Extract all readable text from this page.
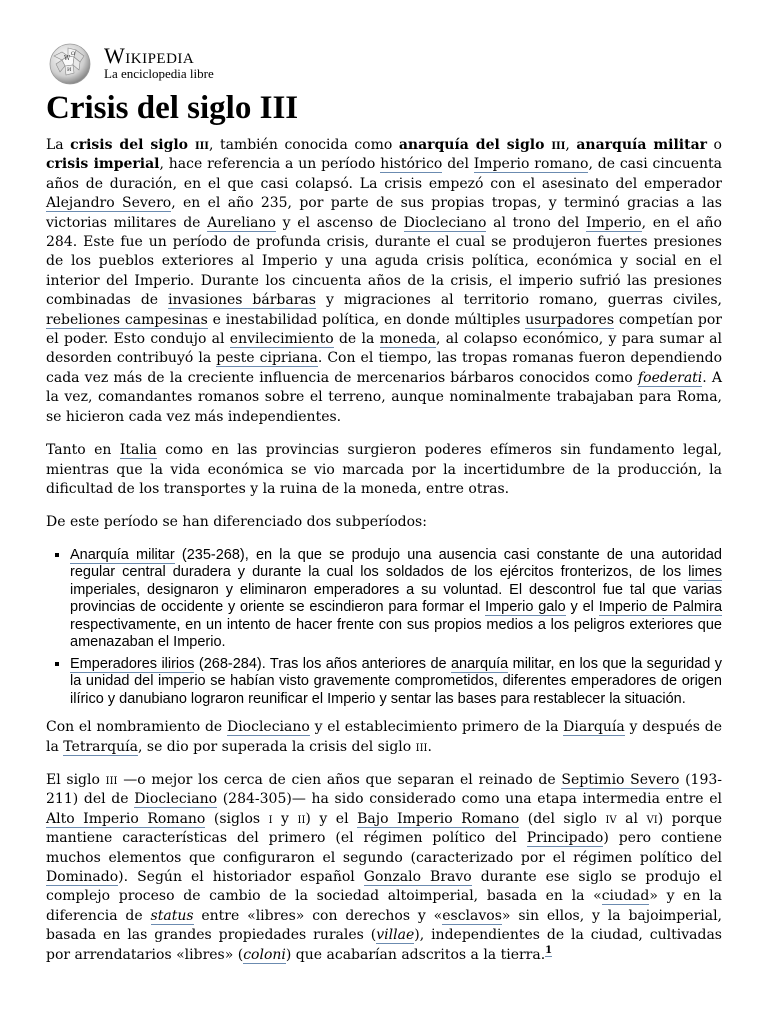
W
Ω
И
Wikipedia
La enciclopedia libre
Crisis del siglo III

La crisis del siglo iii, también conocida como anarquía del siglo iii, anarquía militar o crisis imperial, hace referencia a un período histórico del Imperio romano, de casi cincuenta años de duración, en el que casi colapsó. La crisis empezó con el asesinato del emperador Alejandro Severo, en el año 235, por parte de sus propias tropas, y terminó gracias a las victorias militares de Aureliano y el ascenso de Diocleciano al trono del Imperio, en el año 284. Este fue un período de profunda crisis, durante el cual se produjeron fuertes presiones de los pueblos exteriores al Imperio y una aguda crisis política, económica y social en el interior del Imperio. Durante los cincuenta años de la crisis, el imperio sufrió las presiones combinadas de invasiones bárbaras y migraciones al territorio romano, guerras civiles, rebeliones campesinas e inestabilidad política, en donde múltiples usurpadores competían por el poder. Esto condujo al envilecimiento de la moneda, al colapso económico, y para sumar al desorden contribuyó la peste cipriana. Con el tiempo, las tropas romanas fueron dependiendo cada vez más de la creciente influencia de mercenarios bárbaros conocidos como foederati. A la vez, comandantes romanos sobre el terreno, aunque nominalmente trabajaban para Roma, se hicieron cada vez más independientes.

Tanto en Italia como en las provincias surgieron poderes efímeros sin fundamento legal, mientras que la vida económica se vio marcada por la incertidumbre de la producción, la dificultad de los transportes y la ruina de la moneda, entre otras.

De este período se han diferenciado dos subperíodos:

▪ Anarquía militar (235-268), en la que se produjo una ausencia casi constante de una autoridad regular central duradera y durante la cual los soldados de los ejércitos fronterizos, de los limes imperiales, designaron y eliminaron emperadores a su voluntad. El descontrol fue tal que varias provincias de occidente y oriente se escindieron para formar el Imperio galo y el Imperio de Palmira respectivamente, en un intento de hacer frente con sus propios medios a los peligros exteriores que amenazaban el Imperio.
▪ Emperadores ilirios (268-284). Tras los años anteriores de anarquía militar, en los que la seguridad y la unidad del imperio se habían visto gravemente comprometidos, diferentes emperadores de origen ilírico y danubiano lograron reunificar el Imperio y sentar las bases para restablecer la situación.

Con el nombramiento de Diocleciano y el establecimiento primero de la Diarquía y después de la Tetrarquía, se dio por superada la crisis del siglo iii.

El siglo iii —o mejor los cerca de cien años que separan el reinado de Septimio Severo (193-211) del de Diocleciano (284-305)— ha sido considerado como una etapa intermedia entre el Alto Imperio Romano (siglos i y ii) y el Bajo Imperio Romano (del siglo iv al vi) porque mantiene características del primero (el régimen político del Principado) pero contiene muchos elementos que configuraron el segundo (caracterizado por el régimen político del Dominado). Según el historiador español Gonzalo Bravo durante ese siglo se produjo el complejo proceso de cambio de la sociedad altoimperial, basada en la «ciudad» y en la diferencia de status entre «libres» con derechos y «esclavos» sin ellos, y la bajoimperial, basada en las grandes propiedades rurales (villae), independientes de la ciudad, cultivadas por arrendatarios «libres» (coloni) que acabarían adscritos a la tierra.$^1$
